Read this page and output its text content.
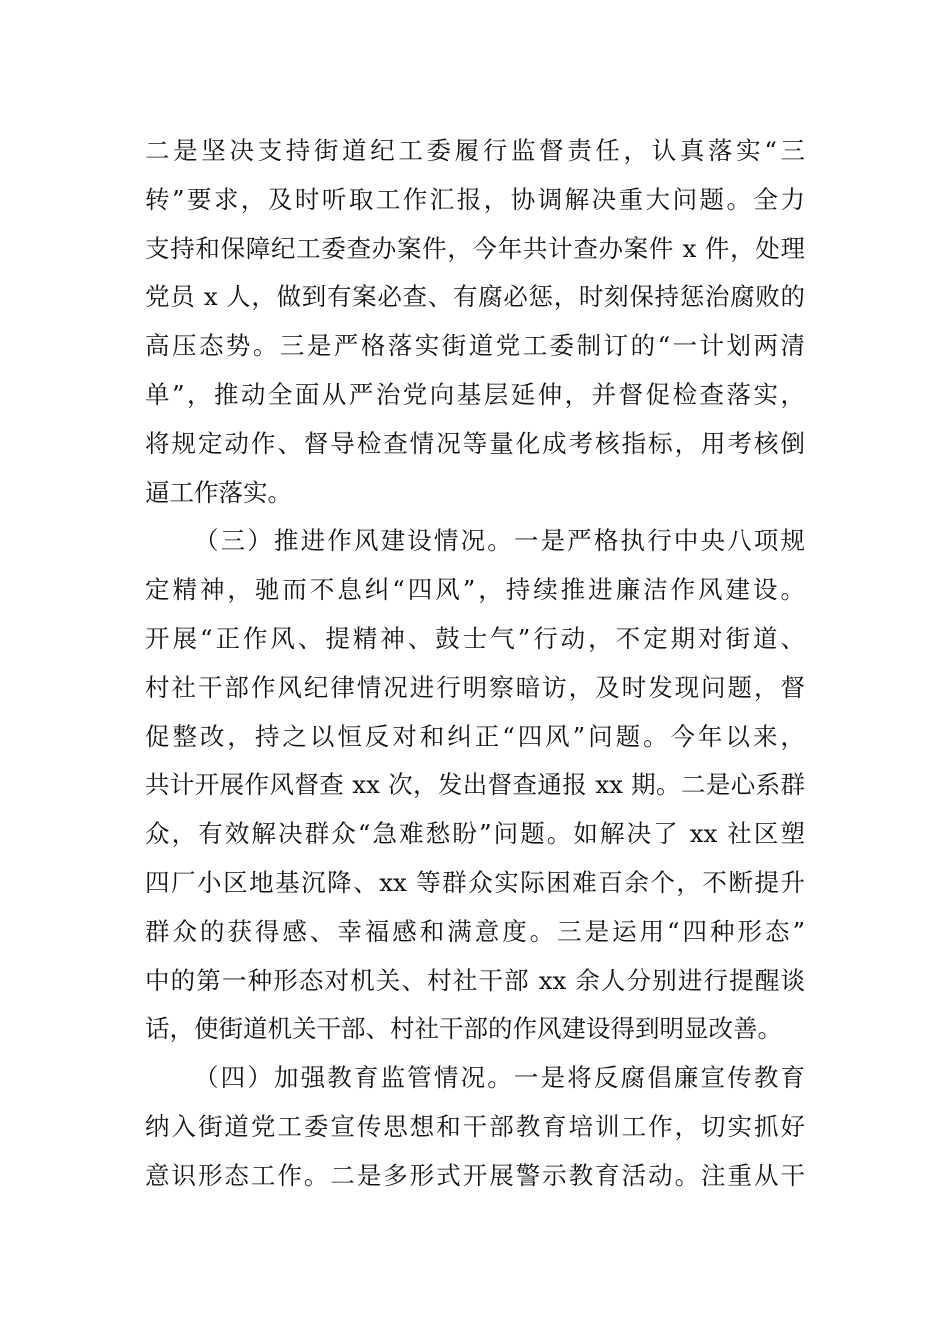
二是坚决支持街道纪工委履行监督责任，认真落实“三
转”要求，及时听取工作汇报，协调解决重大问题。全力
支持和保障纪工委查办案件，今年共计查办案件 x 件，处理
党员 x 人，做到有案必查、有腐必惩，时刻保持惩治腐败的
高压态势。三是严格落实街道党工委制订的“一计划两清
单”，推动全面从严治党向基层延伸，并督促检查落实，
将规定动作、督导检查情况等量化成考核指标，用考核倒
逼工作落实。
（三）推进作风建设情况。一是严格执行中央八项规
定精神，驰而不息纠“四风”，持续推进廉洁作风建设。
开展“正作风、提精神、鼓士气”行动，不定期对街道、
村社干部作风纪律情况进行明察暗访，及时发现问题，督
促整改，持之以恒反对和纠正“四风”问题。今年以来，
共计开展作风督查 xx 次，发出督查通报 xx 期。二是心系群
众，有效解决群众“急难愁盼”问题。如解决了 xx 社区塑
四厂小区地基沉降、xx 等群众实际困难百余个，不断提升
群众的获得感、幸福感和满意度。三是运用“四种形态”
中的第一种形态对机关、村社干部 xx 余人分别进行提醒谈
话，使街道机关干部、村社干部的作风建设得到明显改善。
（四）加强教育监管情况。一是将反腐倡廉宣传教育
纳入街道党工委宣传思想和干部教育培训工作，切实抓好
意识形态工作。二是多形式开展警示教育活动。注重从干
